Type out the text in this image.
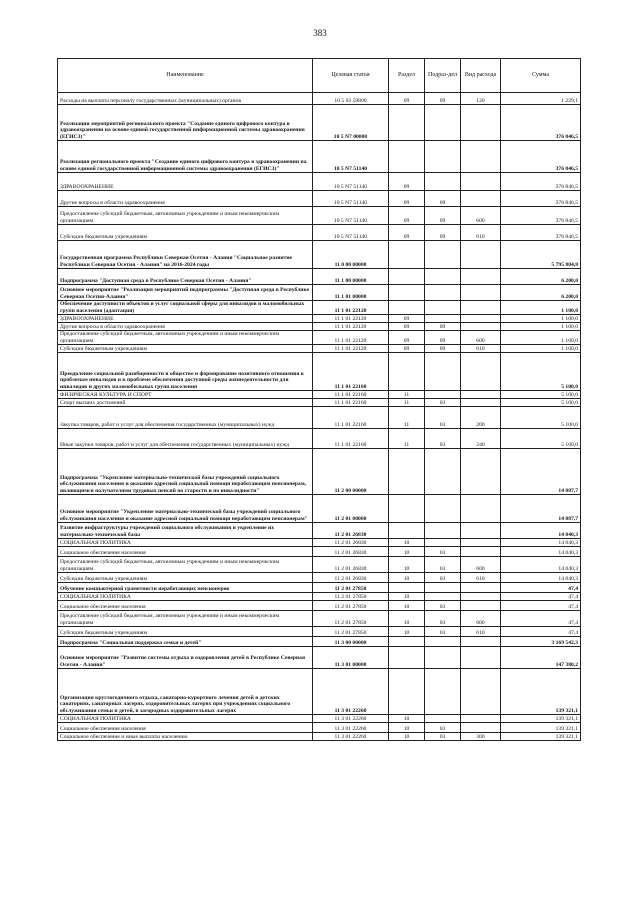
383
Наименование	Целевая статья	Раздел	Подраз-дел	Вид расхода	Сумма
Расходы на выплаты персоналу государственных (муниципальных) органов	10 5 03 59800	09	09	120	1 229,1
Реализация мероприятий регионального проекта "Создание единого цифрового контура в здравоохранении на основе единой государственной информационной системы здравоохранения (ЕГИСЗ)"	10 5 N7 00000				376 846,5
Реализация регионального проекта "Создание единого цифрового контура в здравоохранении на основе единой государственной информационной системы здравоохранения (ЕГИСЗ)"	10 5 N7 51140				376 846,5
ЗДРАВООХРАНЕНИЕ	10 5 N7 51140	09			376 846,5
Другие вопросы в области здравоохранения	10 5 N7 51140	09	09		376 846,5
Предоставление субсидий бюджетным, автономным учреждениям и иным некоммерческим организациям	10 5 N7 51140	09	09	600	376 846,5
Субсидии бюджетным учреждениям	10 5 N7 51140	09	09	610	376 846,5
Государственная программа Республики Северная Осетия - Алания "Социальное развитие Республики Северная Осетия - Алания" на 2016-2024 годы	11 0 00 00000				5 795 804,8
Подпрограмма "Доступная среда в Республике Северная Осетия - Алания"	11 1 00 00000				6 200,0
Основное мероприятие "Реализация мероприятий подпрограммы "Доступная среда в Республике Северная Осетия-Алания"	11 1 01 00000				6 200,0
Обеспечение доступности объектов и услуг социальной сферы для инвалидов и маломобильных групп населения (адаптация)	11 1 01 22120				1 100,0
ЗДРАВООХРАНЕНИЕ	11 1 01 22120	09			1 100,0
Другие вопросы в области здравоохранения	11 1 01 22120	09	09		1 100,0
Предоставление субсидий бюджетным, автономным учреждениям и иным некоммерческим организациям	11 1 01 22120	09	09	600	1 100,0
Субсидии бюджетным учреждениям	11 1 01 22120	09	09	610	1 100,0
Преодоление социальной разобщенности в обществе и формирование позитивного отношения к проблемам инвалидов и к проблеме обеспечения доступной среды жизнедеятельности для инвалидов и других маломобильных групп населения	11 1 01 22160				5 100,0
ФИЗИЧЕСКАЯ КУЛЬТУРА И СПОРТ	11 1 01 22160	11			5 100,0
Спорт высших достижений	11 1 01 22160	11	03		5 100,0
Закупка товаров, работ и услуг для обеспечения государственных (муниципальных) нужд	11 1 01 22160	11	03	200	5 100,0
Иные закупки товаров, работ и услуг для обеспечения государственных (муниципальных) нужд	11 1 01 22160	11	03	240	5 100,0
Подпрограмма "Укрепление материально-технической базы учреждений социального обслуживания населения и оказание адресной социальной помощи неработающим пенсионерам, являющимся получателями трудовых пенсий по старости и по инвалидности"	11 2 00 00000				14 087,7
Основное мероприятие "Укрепление материально-технической базы учреждений социального обслуживания населения и оказание адресной социальной помощи неработающим пенсионерам"	11 2 01 00000				14 087,7
Развитие инфраструктуры учреждений социального обслуживания и укрепление их материально-технической базы	11 2 01 26830				14 040,3
СОЦИАЛЬНАЯ ПОЛИТИКА	11 2 01 26830	10			14 040,3
Социальное обеспечение населения	11 2 01 26830	10	03		14 040,3
Предоставление субсидий бюджетным, автономным учреждениям и иным некоммерческим организациям	11 2 01 26830	10	03	600	14 040,3
Субсидии бюджетным учреждениям	11 2 01 26830	10	03	610	14 040,3
Обучение компьютерной грамотности неработающих пенсионеров	11 2 01 27850				47,4
СОЦИАЛЬНАЯ ПОЛИТИКА	11 2 01 27850	10			47,4
Социальное обеспечение населения	11 2 01 27850	10	03		47,4
Предоставление субсидий бюджетным, автономным учреждениям и иным некоммерческим организациям	11 2 01 27850	10	03	600	47,4
Субсидии бюджетным учреждениям	11 2 01 27850	10	03	610	47,4
Подпрограмма "Социальная поддержка семьи и детей"	11 3 00 00000				3 169 542,3
Основное мероприятие "Развитие системы отдыха и оздоровления детей в Республике Северная Осетия - Алания"	11 3 01 00000				147 380,2
Организация круглогодичного отдыха, санаторно-курортного лечения детей в детских санаториях, санаторных лагерях, оздоровительных лагерях при учреждениях социального обслуживания семьи и детей, в загородных оздоровительных лагерях	11 3 01 22260				139 321,1
СОЦИАЛЬНАЯ ПОЛИТИКА	11 3 01 22260	10			139 321,1
Социальное обеспечение населения	11 3 01 22260	10	03		139 321,1
Социальное обеспечение и иные выплаты населению	11 3 01 22260	10	03	300	139 321,1
